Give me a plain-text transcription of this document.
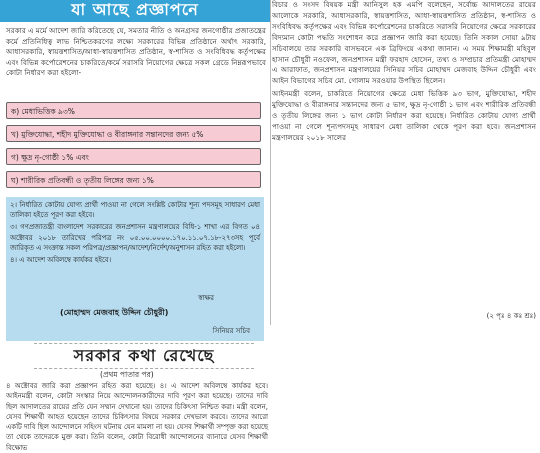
যা আছে প্রজ্ঞাপনে
সরকার এ মর্মে আদেশ জারি করিতেছে যে, সমতার নীতি ও অনগ্রসর জনগোষ্ঠীর প্রজাতন্ত্রের কর্মে প্রতিনিধিত্ব লাভ নিশ্চিতকরণের লক্ষ্যে সরকারের বিভিন্ন প্রতিষ্ঠানে অর্থাৎ সরকারি, আধাসরকারি, স্বায়ত্তশাসিত/আধা-স্বায়ত্তশাসিত প্রতিষ্ঠান, স্ব-শাসিত ও সংবিধিবদ্ধ কর্তৃপক্ষের এবং বিভিন্ন কর্পোরেশনের চাকরিতে/কর্মে সরাসরি নিয়োগের ক্ষেত্রে সকল গ্রেডে নিম্নরূপভাবে কোটা নির্ধারণ করা হইলো-
ক) মেধাভিত্তিক ৯৩%
খ) মুক্তিযোদ্ধা, শহীদ মুক্তিযোদ্ধা ও বীরাঙ্গনার সন্তানদের জন্য ৫%
গ) ক্ষুদ্র নৃ-গোষ্ঠী ১% এবং
ঘ) শারীরিক প্রতিবন্ধী ও তৃতীয় লিঙ্গের জন্য ১%

২। নির্ধারিত কোটায় যোগ্য প্রার্থী পাওয়া না গেলে সংশ্লিষ্ট কোটার শূন্য পদসমূহ সাধারণ মেধা তালিকা হইতে পূরণ করা হইবে।

৩। গণপ্রজাতন্ত্রী বাংলাদেশ সরকারের জনপ্রশাসন মন্ত্রণালয়ের বিধি-১ শাখা এর বিগত ০৪ অক্টোবর ২০১৮ তারিখের পরিপত্র নং ০৫.০০.০০০০.১৭০.১১.০৭.১৮-২৭৩সহ পূর্বে জারিকৃত এ সংক্রান্ত সকল পরিপত্র/প্রজ্ঞাপন/আদেশ/নির্দেশ/অনুশাসন রহিত করা হইলো।

৪। এ আদেশ অবিলম্বে কার্যকর হইবে।

স্বাক্ষর
(মোহাম্মদ মেজবাহ উদ্দিন চৌধুরী)
সিনিয়র সচিব
সরকার কথা রেখেছে
(প্রথম পাতার পর)
৪ অক্টোবর জারি করা প্রজ্ঞাপন রহিত করা হয়েছে। ৪। এ আদেশ অবিলম্বে কার্যকর হবে। আইনমন্ত্রী বলেন, কোটা সংস্কার নিয়ে আন্দোলনকারীদের দাবি পূরণ করা হয়েছে। তাদের দাবি ছিল আদালতের রায়ের প্রতি যেন সম্মান দেখানো হয়। তাদের চিকিৎসা নিশ্চিত করা। মন্ত্রী বলেন, যেসব শিক্ষার্থী আহত হয়েছেন তাদের চিকিৎসার বিষয়ে সরকার দেখভাল করবে। তাদের আরো একটি দাবি ছিল আন্দোলনে সহিংস ঘটনায় যেন মামলা না হয়। যেসব শিক্ষার্থী সম্পৃক্ত করা হয়েছে তা থেকে তাদেরকে মুক্ত করা। তিনি বলেন, কোটা বিরোধী আন্দোলনের ব্যানারে যেসব শিক্ষার্থী বিক্ষোভ

বিচার ও সংসদ বিষয়ক মন্ত্রী আনিসুল হক এমপি বলেছেন, সর্বোচ্চ আদালতের রায়ের আলোকে সরকারি, আধাসরকারি, স্বায়ত্তশাসিত, আধা-স্বায়ত্তশাসিত প্রতিষ্ঠান, স্ব-শাসিত ও সংবিধিবদ্ধ কর্তৃপক্ষের এবং বিভিন্ন কর্পোরেশনের চাকরিতে সরাসরি নিয়োগের ক্ষেত্রে সরকারের বিদ্যমান কোটা পদ্ধতি সংশোধন করে প্রজ্ঞাপন জারি করা হয়েছে। তিনি সকাল সোয়া ৯টায় সচিবালয়ে তার সরকারি বাসভবনে এক ব্রিফিংয়ে একথা জানান। এ সময় শিক্ষামন্ত্রী মহিবুল হাসান চৌধুরী নওফেল, জনপ্রশাসন মন্ত্রী ফরহাদ হোসেন, তথ্য ও সম্প্রচার প্রতিমন্ত্রী মোহাম্মদ এ আরাফাত, জনপ্রশাসন মন্ত্রণালয়ের সিনিয়র সচিব মোহাম্মদ মেজবাহ উদ্দিন চৌধুরী এবং আইন বিভাগের সচিব মো. গোলাম সরওয়ার উপস্থিত ছিলেন।

আইনমন্ত্রী বলেন, চাকরিতে নিয়োগের ক্ষেত্রে মেধা ভিত্তিক ৯৩ ভাগ, মুক্তিযোদ্ধা, শহীদ মুক্তিযোদ্ধা ও বীরাঙ্গনার সন্তানদের জন্য ৫ ভাগ, ক্ষুদ্র নৃ-গোষ্ঠী ১ ভাগ এবং শারীরিক প্রতিবন্ধী ও তৃতীয় লিঙ্গের জন্য ১ ভাগ কোটা নির্ধারণ করা হয়েছে। নির্ধারিত কোটায় যোগ্য প্রার্থী পাওয়া না গেলে শূন্যপদসমূহ সাধারণ মেধা তালিকা থেকে পূরণ করা হবে। জনপ্রশাসন মন্ত্রণালয়ের ২০১৮ সালের

(২ পৃঃ ৪ কঃ শ্রঃ)
